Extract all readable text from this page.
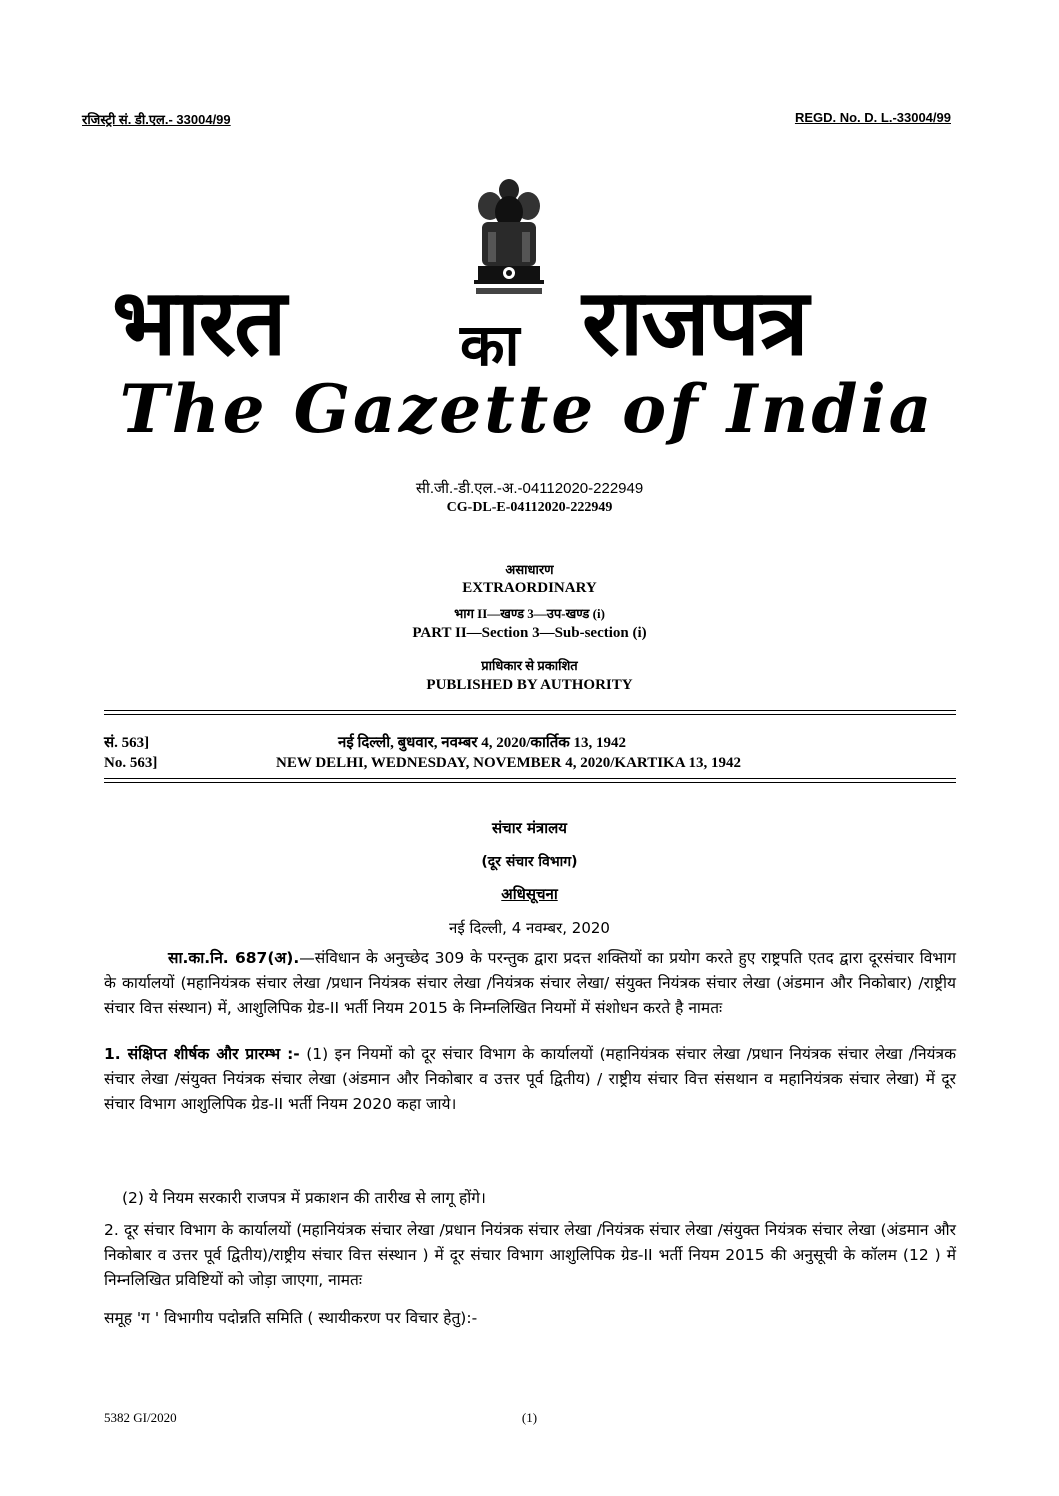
रजिस्ट्री सं. डी.एल.- 33004/99	REGD. No. D. L.-33004/99
भारत	का राजपत्र
The Gazette of India
सी.जी.-डी.एल.-अ.-04112020-222949
CG-DL-E-04112020-222949
असाधारण
EXTRAORDINARY
भाग II—खण्ड 3—उप-खण्ड (i)
PART II—Section 3—Sub-section (i)
प्राधिकार से प्रकाशित
PUBLISHED BY AUTHORITY
सं. 563]	नई दिल्ली, बुधवार, नवम्बर 4, 2020/कार्तिक 13, 1942
No. 563]	NEW DELHI, WEDNESDAY, NOVEMBER 4, 2020/KARTIKA 13, 1942
संचार मंत्रालय
(दूर संचार विभाग)
अधिसूचना
नई दिल्ली, 4 नवम्बर, 2020
सा.का.नि. 687(अ).—संविधान के अनुच्छेद 309 के परन्तुक द्वारा प्रदत्त शक्तियों का प्रयोग करते हुए राष्ट्रपति एतद द्वारा दूरसंचार विभाग के कार्यालयों (महानियंत्रक संचार लेखा /प्रधान नियंत्रक संचार लेखा /नियंत्रक संचार लेखा/ संयुक्त नियंत्रक संचार लेखा (अंडमान और निकोबार) /राष्ट्रीय संचार वित्त संस्थान) में, आशुलिपिक ग्रेड-II भर्ती नियम 2015 के निम्नलिखित नियमों में संशोधन करते है नामतः
1. संक्षिप्त शीर्षक और प्रारम्भ :- (1) इन नियमों को दूर संचार विभाग के कार्यालयों (महानियंत्रक संचार लेखा /प्रधान नियंत्रक संचार लेखा /नियंत्रक संचार लेखा /संयुक्त नियंत्रक संचार लेखा (अंडमान और निकोबार व उत्तर पूर्व द्वितीय) / राष्ट्रीय संचार वित्त संसथान व महानियंत्रक संचार लेखा) में दूर संचार विभाग आशुलिपिक ग्रेड-II भर्ती नियम 2020 कहा जाये।
(2) ये नियम सरकारी राजपत्र में प्रकाशन की तारीख से लागू होंगे।
2. दूर संचार विभाग के कार्यालयों (महानियंत्रक संचार लेखा /प्रधान नियंत्रक संचार लेखा /नियंत्रक संचार लेखा /संयुक्त नियंत्रक संचार लेखा (अंडमान और निकोबार व उत्तर पूर्व द्वितीय)/राष्ट्रीय संचार वित्त संस्थान ) में दूर संचार विभाग आशुलिपिक ग्रेड-II भर्ती नियम 2015 की अनुसूची के कॉलम (12 ) में निम्नलिखित प्रविष्टियों को जोड़ा जाएगा, नामतः
समूह 'ग ' विभागीय पदोन्नति समिति ( स्थायीकरण पर विचार हेतु):-
5382 GI/2020	(1)
